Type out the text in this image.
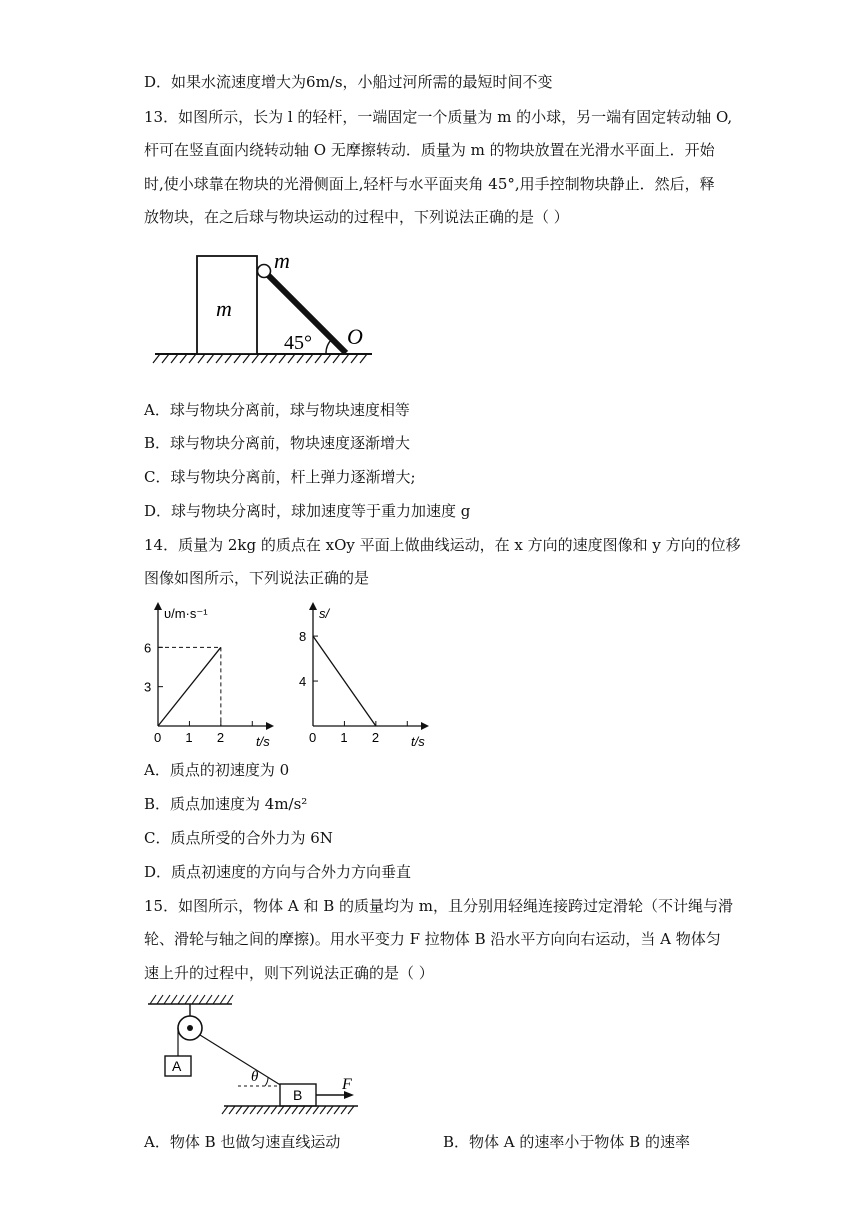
D．如果水流速度增大为6m/s，小船过河所需的最短时间不变
13．如图所示，长为 l 的轻杆，一端固定一个质量为 m 的小球，另一端有固定转动轴 O,
杆可在竖直面内绕转动轴 O 无摩擦转动．质量为 m 的物块放置在光滑水平面上．开始
时,使小球靠在物块的光滑侧面上,轻杆与水平面夹角 45°,用手控制物块静止．然后，释
放物块，在之后球与物块运动的过程中，下列说法正确的是（ ）
m
m
45° O
A．球与物块分离前，球与物块速度相等
B．球与物块分离前，物块速度逐渐增大
C．球与物块分离前，杆上弹力逐渐增大;
D．球与物块分离时，球加速度等于重力加速度 g
14．质量为 2kg 的质点在 xOy 平面上做曲线运动，在 x 方向的速度图像和 y 方向的位移
图像如图所示，下列说法正确的是
υ/m·s⁻¹
t/s
0 1 2
3
6
s/
t/s
0 1 2
4
8
A．质点的初速度为 0
B．质点加速度为 4m/s²
C．质点所受的合外力为 6N
D．质点初速度的方向与合外力方向垂直
15．如图所示，物体 A 和 B 的质量均为 m，且分别用轻绳连接跨过定滑轮（不计绳与滑
轮、滑轮与轴之间的摩擦)。用水平变力 F 拉物体 B 沿水平方向向右运动，当 A 物体匀
速上升的过程中，则下列说法正确的是（ ）
A
θ
B
F
A．物体 B 也做匀速直线运动	B．物体 A 的速率小于物体 B 的速率
